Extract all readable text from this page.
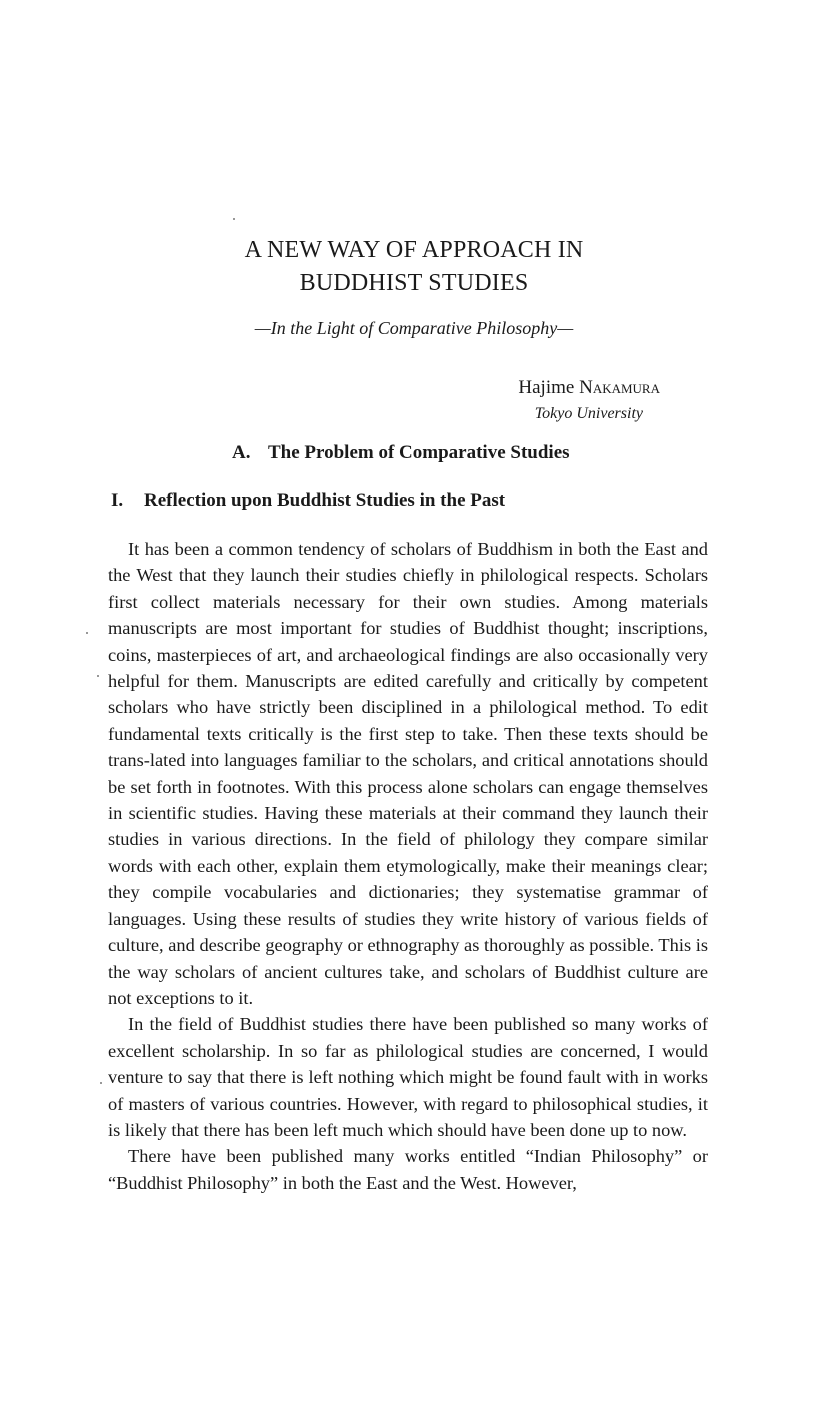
A NEW WAY OF APPROACH IN
BUDDHIST STUDIES
—In the Light of Comparative Philosophy—
Hajime Nakamura
Tokyo University
A. The Problem of Comparative Studies
I. Reflection upon Buddhist Studies in the Past

It has been a common tendency of scholars of Buddhism in both the East and the West that they launch their studies chiefly in philological respects. Scholars first collect materials necessary for their own studies. Among materials manuscripts are most important for studies of Buddhist thought; inscriptions, coins, masterpieces of art, and archaeological findings are also occasionally very helpful for them. Manuscripts are edited carefully and critically by competent scholars who have strictly been disciplined in a philological method. To edit fundamental texts critically is the first step to take. Then these texts should be trans-lated into languages familiar to the scholars, and critical annotations should be set forth in footnotes. With this process alone scholars can engage themselves in scientific studies. Having these materials at their command they launch their studies in various directions. In the field of philology they compare similar words with each other, explain them etymologically, make their meanings clear; they compile vocabularies and dictionaries; they systematise grammar of languages. Using these results of studies they write history of various fields of culture, and describe geography or ethnography as thoroughly as possible. This is the way scholars of ancient cultures take, and scholars of Buddhist culture are not exceptions to it.

In the field of Buddhist studies there have been published so many works of excellent scholarship. In so far as philological studies are concerned, I would venture to say that there is left nothing which might be found fault with in works of masters of various countries. However, with regard to philosophical studies, it is likely that there has been left much which should have been done up to now.

There have been published many works entitled “Indian Philosophy” or “Buddhist Philosophy” in both the East and the West. However,
